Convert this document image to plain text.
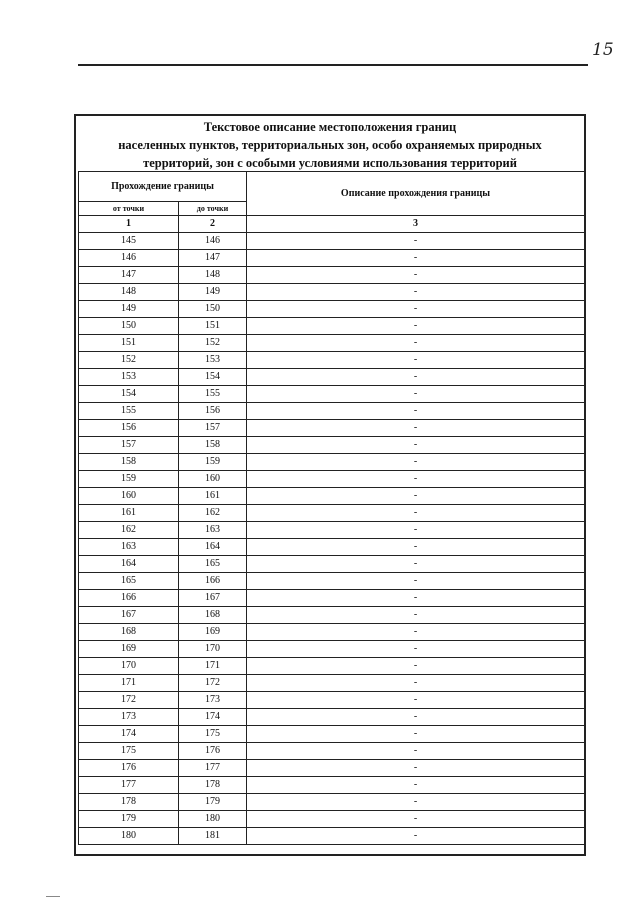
15
Текстовое описание местоположения границ
населенных пунктов, территориальных зон, особо охраняемых природных
территорий, зон с особыми условиями использования территорий
Прохождение границы		Описание прохождения границы
от точки	до точки	
1	2	3
145	146	-
146	147	-
147	148	-
148	149	-
149	150	-
150	151	-
151	152	-
152	153	-
153	154	-
154	155	-
155	156	-
156	157	-
157	158	-
158	159	-
159	160	-
160	161	-
161	162	-
162	163	-
163	164	-
164	165	-
165	166	-
166	167	-
167	168	-
168	169	-
169	170	-
170	171	-
171	172	-
172	173	-
173	174	-
174	175	-
175	176	-
176	177	-
177	178	-
178	179	-
179	180	-
180	181	-
